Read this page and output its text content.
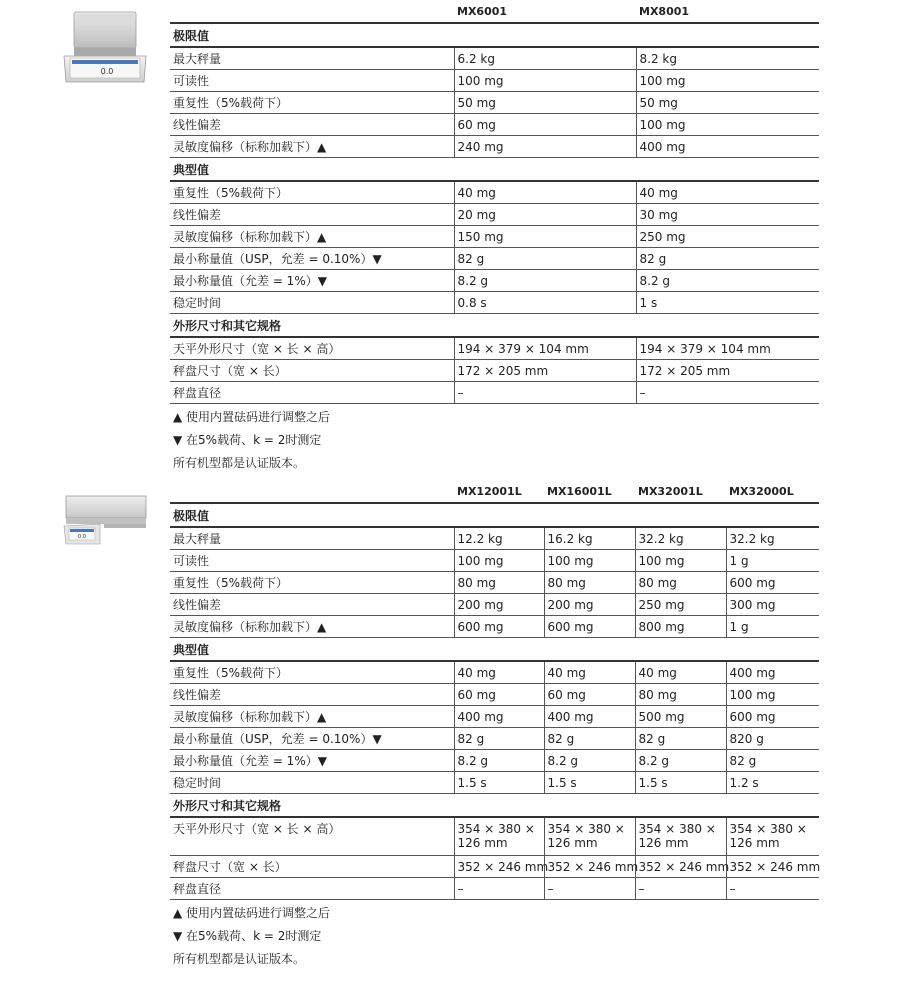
0.0
	MX6001	MX8001
极限值		
最大秤量	6.2 kg	8.2 kg
可读性	100 mg	100 mg
重复性（5%载荷下）	50 mg	50 mg
线性偏差	60 mg	100 mg
灵敏度偏移（标称加载下）▲	240 mg	400 mg
典型值		
重复性（5%载荷下）	40 mg	40 mg
线性偏差	20 mg	30 mg
灵敏度偏移（标称加载下）▲	150 mg	250 mg
最小称量值（USP，允差 = 0.10%）▼	82 g	82 g
最小称量值（允差 = 1%）▼	8.2 g	8.2 g
稳定时间	0.8 s	1 s
外形尺寸和其它规格		
天平外形尺寸（宽 × 长 × 高）	194 × 379 × 104 mm	194 × 379 × 104 mm
秤盘尺寸（宽 × 长）	172 × 205 mm	172 × 205 mm
秤盘直径	–	–
▲ 使用内置砝码进行调整之后		
▼ 在5%载荷、k = 2时测定		
所有机型都是认证版本。		
0.0
	MX12001L	MX16001L	MX32001L	MX32000L
极限值				
最大秤量	12.2 kg	16.2 kg	32.2 kg	32.2 kg
可读性	100 mg	100 mg	100 mg	1 g
重复性（5%载荷下）	80 mg	80 mg	80 mg	600 mg
线性偏差	200 mg	200 mg	250 mg	300 mg
灵敏度偏移（标称加载下）▲	600 mg	600 mg	800 mg	1 g
典型值				
重复性（5%载荷下）	40 mg	40 mg	40 mg	400 mg
线性偏差	60 mg	60 mg	80 mg	100 mg
灵敏度偏移（标称加载下）▲	400 mg	400 mg	500 mg	600 mg
最小称量值（USP，允差 = 0.10%）▼	82 g	82 g	82 g	820 g
最小称量值（允差 = 1%）▼	8.2 g	8.2 g	8.2 g	82 g
稳定时间	1.5 s	1.5 s	1.5 s	1.2 s
外形尺寸和其它规格				
天平外形尺寸（宽 × 长 × 高）	354 × 380 × 126 mm	354 × 380 × 126 mm	354 × 380 × 126 mm	354 × 380 × 126 mm
秤盘尺寸（宽 × 长）	352 × 246 mm	352 × 246 mm	352 × 246 mm	352 × 246 mm
秤盘直径	–	–	–	–
▲ 使用内置砝码进行调整之后				
▼ 在5%载荷、k = 2时测定				
所有机型都是认证版本。				
